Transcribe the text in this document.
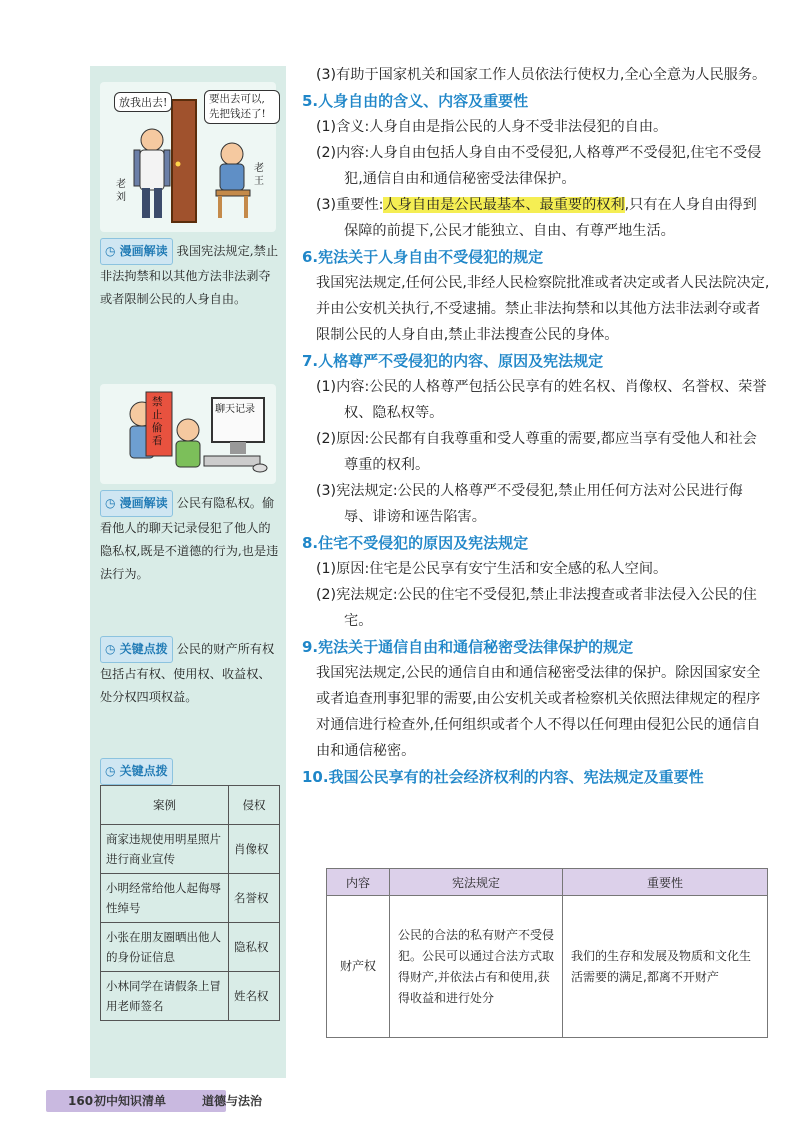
放我出去!	要出去可以,先把钱还了!
老刘
老王
◷ 漫画解读 我国宪法规定,禁止非法拘禁和以其他方法非法剥夺或者限制公民的人身自由。
禁止偷看
聊天记录
◷ 漫画解读 公民有隐私权。偷看他人的聊天记录侵犯了他人的隐私权,既是不道德的行为,也是违法行为。
◷ 关键点拨 公民的财产所有权包括占有权、使用权、收益权、处分权四项权益。
◷ 关键点拨
案例	侵权
商家违规使用明星照片进行商业宣传	肖像权
小明经常给他人起侮辱性绰号	名誉权
小张在朋友圈晒出他人的身份证信息	隐私权
小林同学在请假条上冒用老师签名	姓名权

(3)有助于国家机关和国家工作人员依法行使权力,全心全意为人民服务。

5.人身自由的含义、内容及重要性

(1)含义:人身自由是指公民的人身不受非法侵犯的自由。

(2)内容:人身自由包括人身自由不受侵犯,人格尊严不受侵犯,住宅不受侵犯,通信自由和通信秘密受法律保护。

(3)重要性:人身自由是公民最基本、最重要的权利,只有在人身自由得到保障的前提下,公民才能独立、自由、有尊严地生活。

6.宪法关于人身自由不受侵犯的规定

我国宪法规定,任何公民,非经人民检察院批准或者决定或者人民法院决定,并由公安机关执行,不受逮捕。禁止非法拘禁和以其他方法非法剥夺或者限制公民的人身自由,禁止非法搜查公民的身体。

7.人格尊严不受侵犯的内容、原因及宪法规定

(1)内容:公民的人格尊严包括公民享有的姓名权、肖像权、名誉权、荣誉权、隐私权等。

(2)原因:公民都有自我尊重和受人尊重的需要,都应当享有受他人和社会尊重的权利。

(3)宪法规定:公民的人格尊严不受侵犯,禁止用任何方法对公民进行侮辱、诽谤和诬告陷害。

8.住宅不受侵犯的原因及宪法规定

(1)原因:住宅是公民享有安宁生活和安全感的私人空间。

(2)宪法规定:公民的住宅不受侵犯,禁止非法搜查或者非法侵入公民的住宅。

9.宪法关于通信自由和通信秘密受法律保护的规定

我国宪法规定,公民的通信自由和通信秘密受法律的保护。除因国家安全或者追查刑事犯罪的需要,由公安机关或者检察机关依照法律规定的程序对通信进行检查外,任何组织或者个人不得以任何理由侵犯公民的通信自由和通信秘密。

10.我国公民享有的社会经济权利的内容、宪法规定及重要性

内容	宪法规定	重要性
财产权	公民的合法的私有财产不受侵犯。公民可以通过合法方式取得财产,并依法占有和使用,获得收益和进行处分	我们的生存和发展及物质和文化生活需要的满足,都离不开财产
160 初中知识清单	道德与法治
